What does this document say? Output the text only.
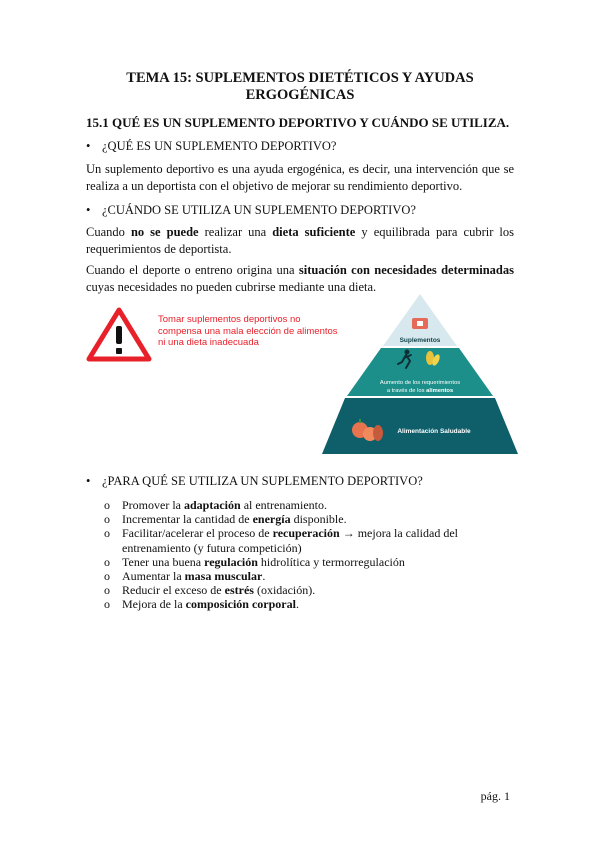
TEMA 15: SUPLEMENTOS DIETÉTICOS Y AYUDAS
ERGOGÉNICAS
15.1 QUÉ ES UN SUPLEMENTO DEPORTIVO Y CUÁNDO SE UTILIZA.
• ¿QUÉ ES UN SUPLEMENTO DEPORTIVO?
Un suplemento deportivo es una ayuda ergogénica, es decir, una intervención que se realiza a un deportista con el objetivo de mejorar su rendimiento deportivo.
• ¿CUÁNDO SE UTILIZA UN SUPLEMENTO DEPORTIVO?
Cuando no se puede realizar una dieta suficiente y equilibrada para cubrir los requerimientos de deportista.
Cuando el deporte o entreno origina una situación con necesidades determinadas cuyas necesidades no pueden cubrirse mediante una dieta.
Tomar suplementos deportivos no compensa una mala elección de alimentos ni una dieta inadecuada	Suplementos
Aumento de los requerimientos
a través de los alimentos
Alimentación Saludable
• ¿PARA QUÉ SE UTILIZA UN SUPLEMENTO DEPORTIVO?
o Promover la adaptación al entrenamiento.
o Incrementar la cantidad de energía disponible.
o Facilitar/acelerar el proceso de recuperación → mejora la calidad del entrenamiento (y futura competición)
o Tener una buena regulación hidrolítica y termorregulación
o Aumentar la masa muscular.
o Reducir el exceso de estrés (oxidación).
o Mejora de la composición corporal.
pág. 1
